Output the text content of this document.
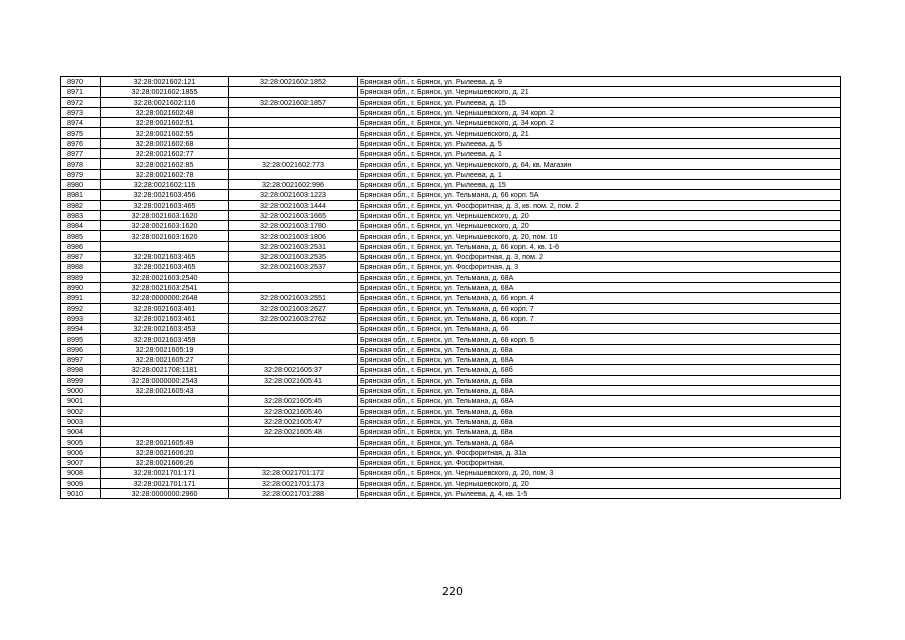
8970	32:28:0021602:121	32:28:0021602:1852	Брянская обл., г. Брянск, ул. Рылеева, д. 9
8971	32:28:0021602:1855		Брянская обл., г. Брянск, ул. Чернышевского, д. 21
8972	32:28:0021602:116	32:28:0021602:1857	Брянская обл., г. Брянск, ул. Рылеева, д. 15
8973	32:28:0021602:48		Брянская обл., г. Брянск, ул. Чернышевского, д. 34 корп. 2
8974	32:28:0021602:51		Брянская обл., г. Брянск, ул. Чернышевского, д. 34 корп. 2
8975	32:28:0021602:55		Брянская обл., г. Брянск, ул. Чернышевского, д. 21
8976	32:28:0021602:68		Брянская обл., г. Брянск, ул. Рылеева, д. 5
8977	32:28:0021602:77		Брянская обл., г. Брянск, ул. Рылеева, д. 1
8978	32:28:0021602:85	32:28:0021602:773	Брянская обл., г. Брянск, ул. Чернышевского, д. 64, кв. Магазин
8979	32:28:0021602:78		Брянская обл., г. Брянск, ул. Рылеева, д. 1
8980	32:28:0021602:116	32:28:0021602:996	Брянская обл., г. Брянск, ул. Рылеева, д. 15
8981	32:28:0021603:456	32:28:0021603:1223	Брянская обл., г. Брянск, ул. Тельмана, д. 66 корп. 5А
8982	32:28:0021603:465	32:28:0021603:1444	Брянская обл., г. Брянск, ул. Фосфоритная, д. 3, кв. пом. 2, пом. 2
8983	32:28:0021603:1620	32:28:0021603:1665	Брянская обл., г. Брянск, ул. Чернышевского, д. 20
8984	32:28:0021603:1620	32:28:0021603:1780	Брянская обл., г. Брянск, ул. Чернышевского, д. 20
8985	32:28:0021603:1620	32:28:0021603:1806	Брянская обл., г. Брянск, ул. Чернышевского, д. 20, пом. 10
8986		32:28:0021603:2531	Брянская обл., г. Брянск, ул. Тельмана, д. 66 корп. 4, кв. 1-6
8987	32:28:0021603:465	32:28:0021603:2535	Брянская обл., г. Брянск, ул. Фосфоритная, д. 3, пом. 2
8988	32:28:0021603:465	32:28:0021603:2537	Брянская обл., г. Брянск, ул. Фосфоритная, д. 3
8989	32:28:0021603:2540		Брянская обл., г. Брянск, ул. Тельмана, д. 68А
8990	32:28:0021603:2541		Брянская обл., г. Брянск, ул. Тельмана, д. 68А
8991	32:28:0000000:2648	32:28:0021603:2551	Брянская обл., г. Брянск, ул. Тельмана, д. 66 корп. 4
8992	32:28:0021603:461	32:28:0021603:2627	Брянская обл., г. Брянск, ул. Тельмана, д. 66 корп. 7
8993	32:28:0021603:461	32:28:0021603:2762	Брянская обл., г. Брянск, ул. Тельмана, д. 66 корп. 7
8994	32:28:0021603:453		Брянская обл., г. Брянск, ул. Тельмана, д. 66
8995	32:28:0021603:459		Брянская обл., г. Брянск, ул. Тельмана, д. 66 корп. 5
8996	32:28:0021605:19		Брянская обл., г. Брянск, ул. Тельмана, д. 68а
8997	32:28:0021605:27		Брянская обл., г. Брянск, ул. Тельмана, д. 68А
8998	32:28:0021708:1181	32:28:0021605:37	Брянская обл., г. Брянск, ул. Тельмана, д. 68б
8999	32:28:0000000:2543	32:28:0021605:41	Брянская обл., г. Брянск, ул. Тельмана, д. 68а
9000	32:28:0021605:43		Брянская обл., г. Брянск, ул. Тельмана, д. 68А
9001		32:28:0021605:45	Брянская обл., г. Брянск, ул. Тельмана, д. 68А
9002		32:28:0021605:46	Брянская обл., г. Брянск, ул. Тельмана, д. 68а
9003		32:28:0021605:47	Брянская обл., г. Брянск, ул. Тельмана, д. 68а
9004		32:28:0021605:48	Брянская обл., г. Брянск, ул. Тельмана, д. 68а
9005	32:28:0021605:49		Брянская обл., г. Брянск, ул. Тельмана, д. 68А
9006	32:28:0021606:20		Брянская обл., г. Брянск, ул. Фосфоритная, д. 31а
9007	32:28:0021606:26		Брянская обл., г. Брянск, ул. Фосфоритная,
9008	32:28:0021701:171	32:28:0021701:172	Брянская обл., г. Брянск, ул. Чернышевского, д. 20, пом. 3
9009	32:28:0021701:171	32:28:0021701:173	Брянская обл., г. Брянск, ул. Чернышевского, д. 20
9010	32:28:0000000:2960	32:28:0021701:288	Брянская обл., г. Брянск, ул. Рылеева, д. 4, кв. 1-5
220
